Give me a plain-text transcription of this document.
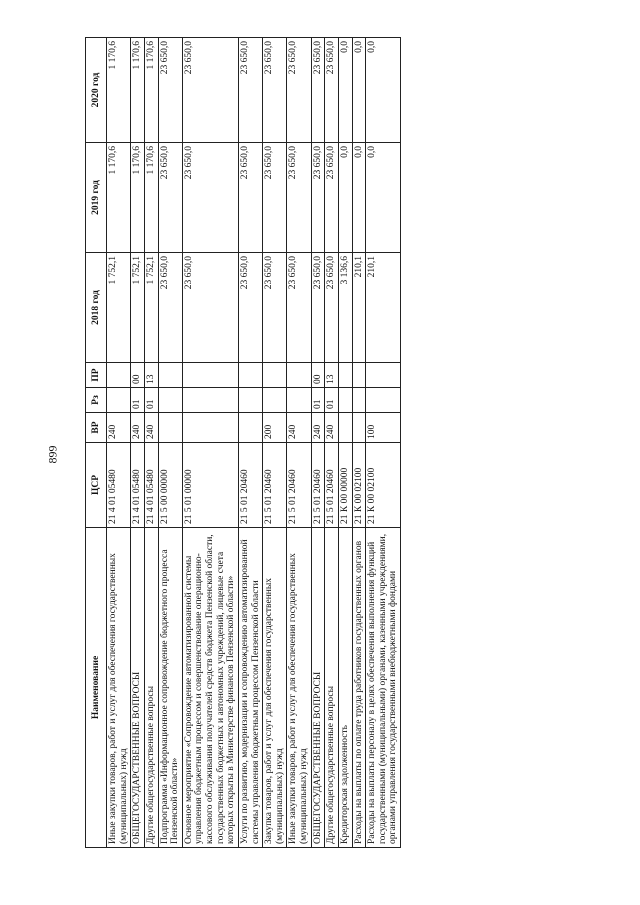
899
Наименование	ЦСР	ВР	Рз	ПР	2018 год	2019 год	2020 год
Иные закупки товаров, работ и услуг для обеспечения государственных (муниципальных) нужд	21 4 01 05480	240			1 752,1	1 170,6	1 170,6
ОБЩЕГОСУДАРСТВЕННЫЕ ВОПРОСЫ	21 4 01 05480	240	01	00	1 752,1	1 170,6	1 170,6
Другие общегосударственные вопросы	21 4 01 05480	240	01	13	1 752,1	1 170,6	1 170,6
Подпрограмма «Информационное сопровождение бюджетного процесса Пензенской области»	21 5 00 00000				23 650,0	23 650,0	23 650,0
Основное мероприятие «Сопровождение автоматизированной системы управления бюджетным процессом и совершенствование операционно-кассового обслуживания получателей средств бюджета Пензенской области, государственных бюджетных и автономных учреждений, лицевые счета которых открыты в Министерстве финансов Пензенской области»	21 5 01 00000				23 650,0	23 650,0	23 650,0
Услуги по развитию, модернизации и сопровождению автоматизированной системы управления бюджетным процессом Пензенской области	21 5 01 20460				23 650,0	23 650,0	23 650,0
Закупка товаров, работ и услуг для обеспечения государственных (муниципальных) нужд	21 5 01 20460	200			23 650,0	23 650,0	23 650,0
Иные закупки товаров, работ и услуг для обеспечения государственных (муниципальных) нужд	21 5 01 20460	240			23 650,0	23 650,0	23 650,0
ОБЩЕГОСУДАРСТВЕННЫЕ ВОПРОСЫ	21 5 01 20460	240	01	00	23 650,0	23 650,0	23 650,0
Другие общегосударственные вопросы	21 5 01 20460	240	01	13	23 650,0	23 650,0	23 650,0
Кредиторская задолженность	21 К 00 00000				3 136,6	0,0	0,0
Расходы на выплаты по оплате труда работников государственных органов	21 К 00 02100				210,1	0,0	0,0
Расходы на выплаты персоналу в целях обеспечения выполнения функций государственными (муниципальными) органами, казенными учреждениями, органами управления государственными внебюджетными фондами	21 К 00 02100	100			210,1	0,0	0,0
